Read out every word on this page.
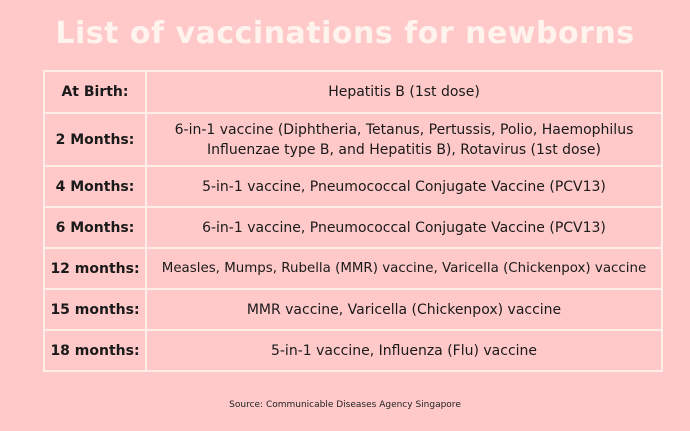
List of vaccinations for newborns
At Birth:	Hepatitis B (1st dose)
2 Months:	6-in-1 vaccine (Diphtheria, Tetanus, Pertussis, Polio, Haemophilus Influenzae type B, and Hepatitis B), Rotavirus (1st dose)
4 Months:	5-in-1 vaccine, Pneumococcal Conjugate Vaccine (PCV13)
6 Months:	6-in-1 vaccine, Pneumococcal Conjugate Vaccine (PCV13)
12 months:	Measles, Mumps, Rubella (MMR) vaccine, Varicella (Chickenpox) vaccine
15 months:	MMR vaccine, Varicella (Chickenpox) vaccine
18 months:	5-in-1 vaccine, Influenza (Flu) vaccine
Source: Communicable Diseases Agency Singapore
